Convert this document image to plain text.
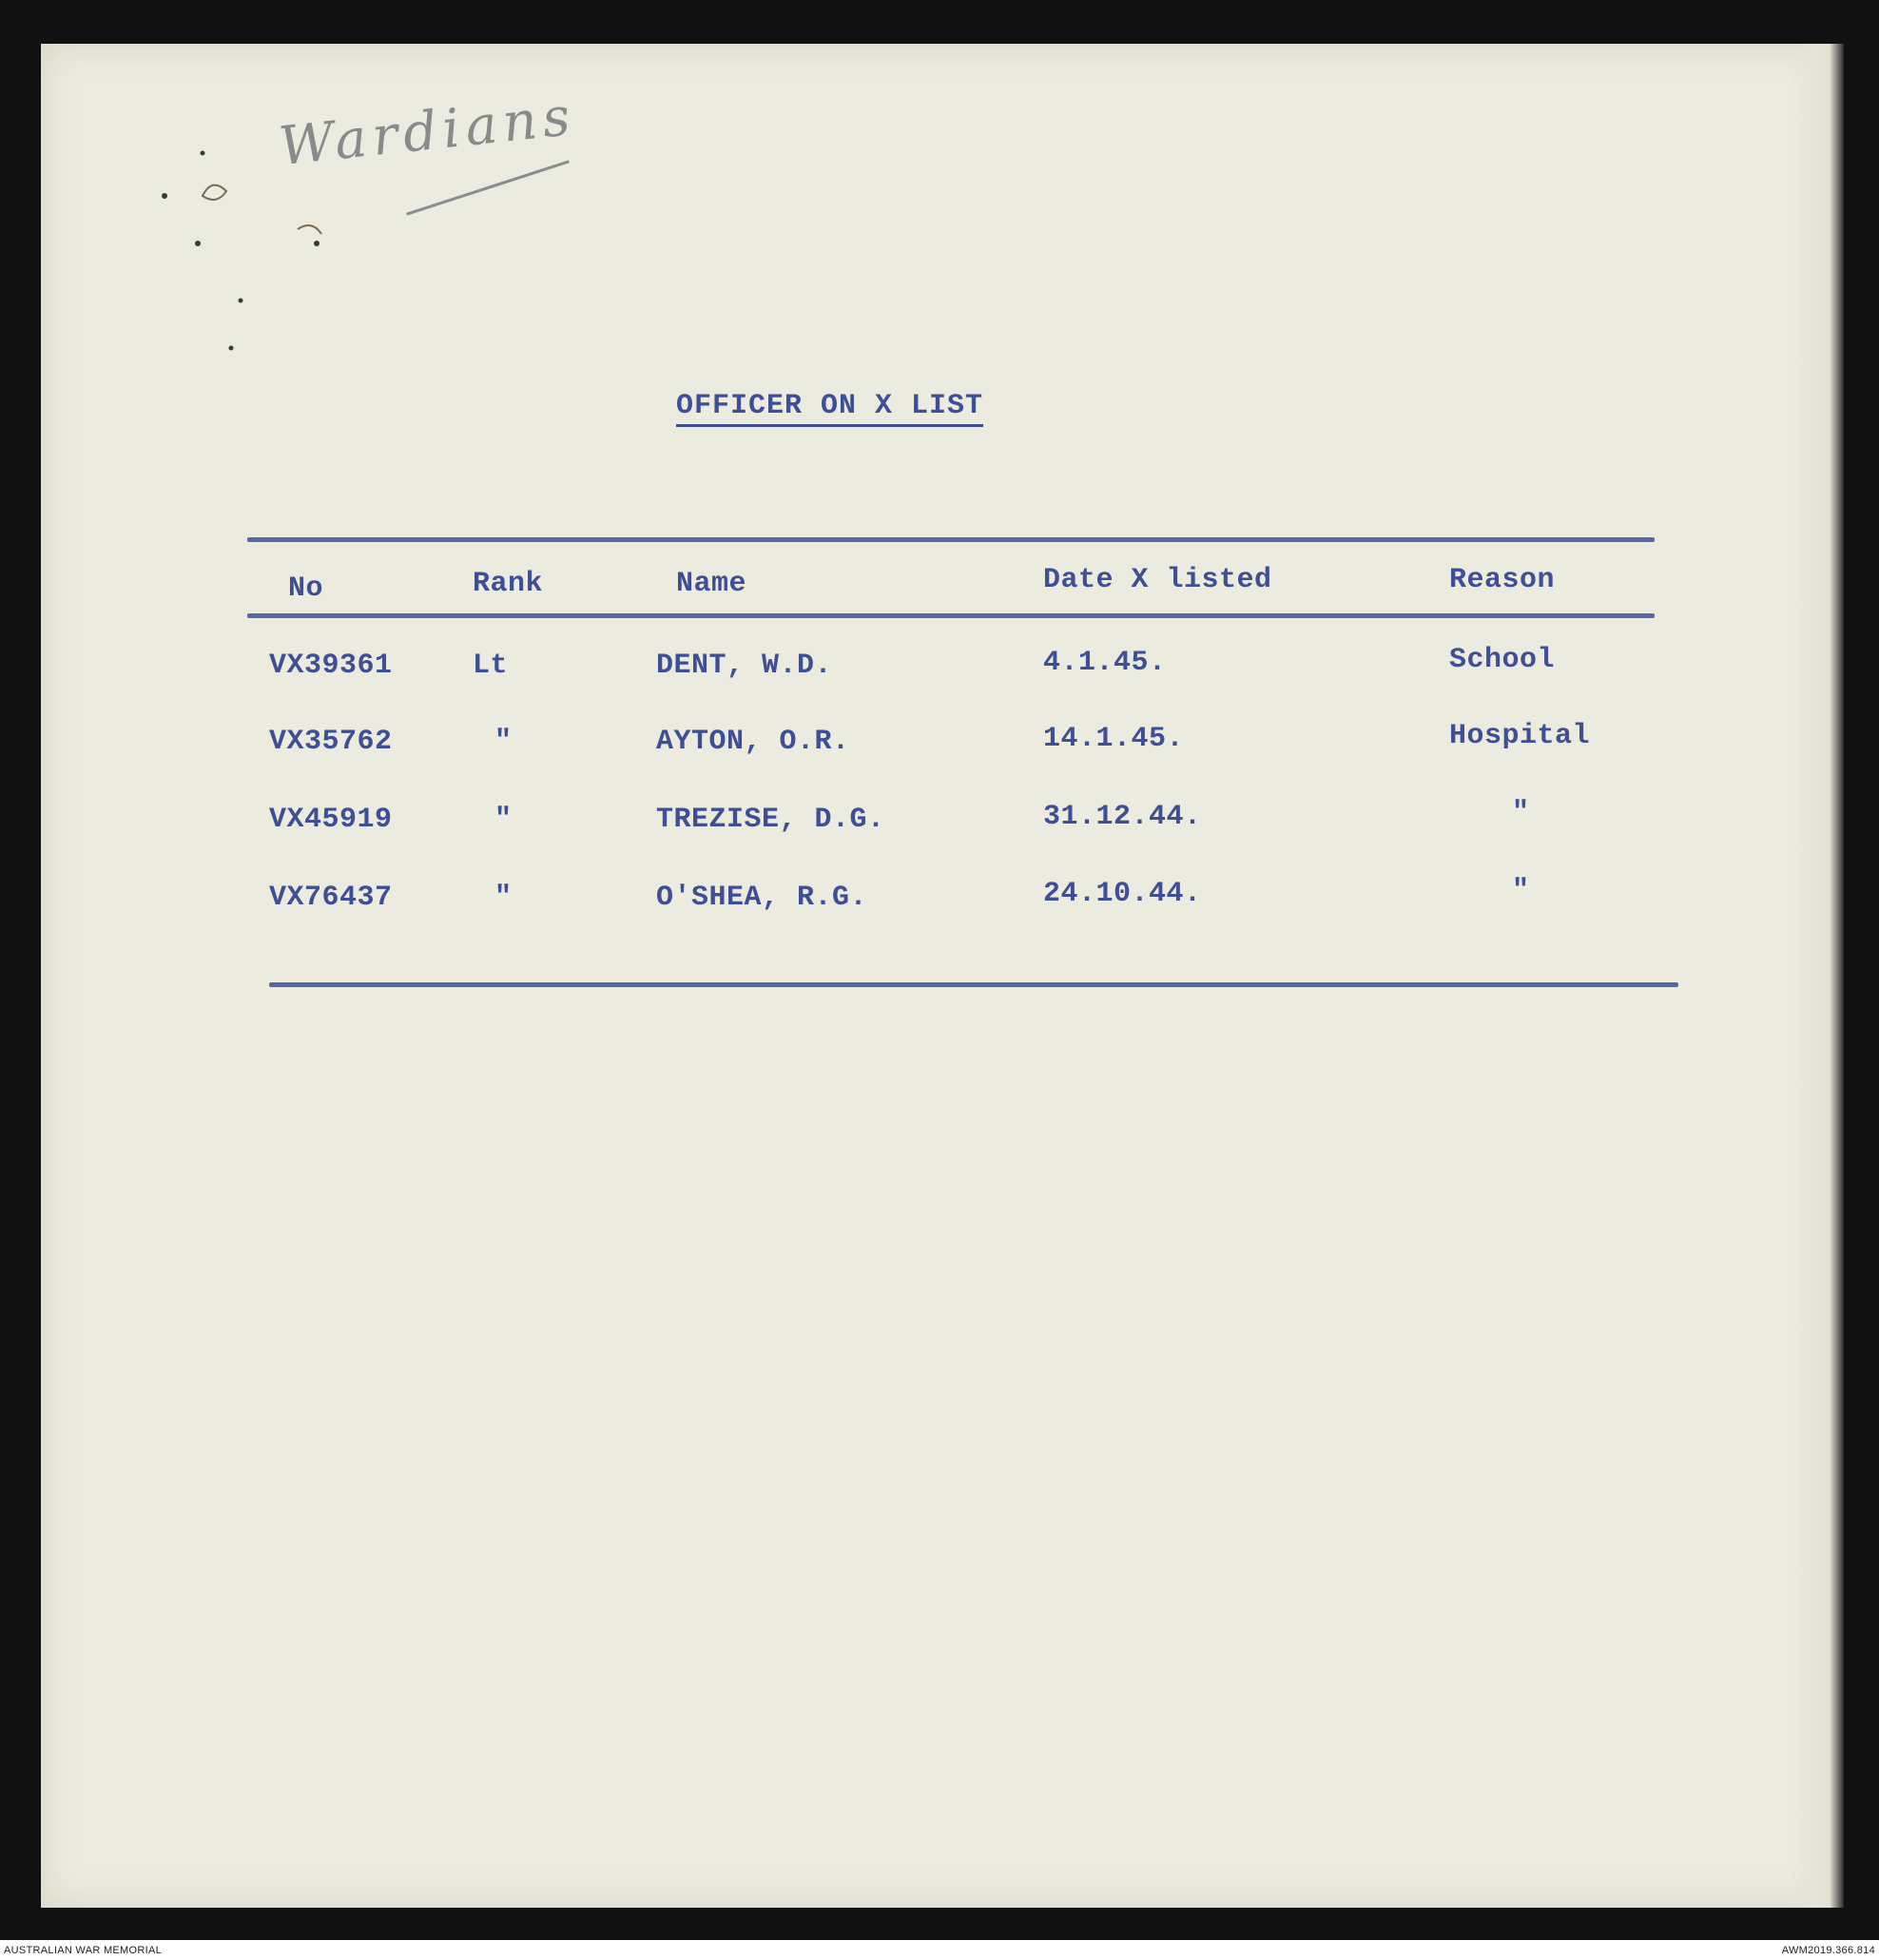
Wardians
OFFICER ON X LIST
No	Rank	Name	Date X listed	Reason
VX39361	Lt	DENT, W.D.	4.1.45.	School
VX35762	"	AYTON, O.R.	14.1.45.	Hospital
VX45919	"	TREZISE, D.G.	31.12.44.	"
VX76437	"	O'SHEA, R.G.	24.10.44.	"
AUSTRALIAN WAR MEMORIAL	AWM2019.366.814
